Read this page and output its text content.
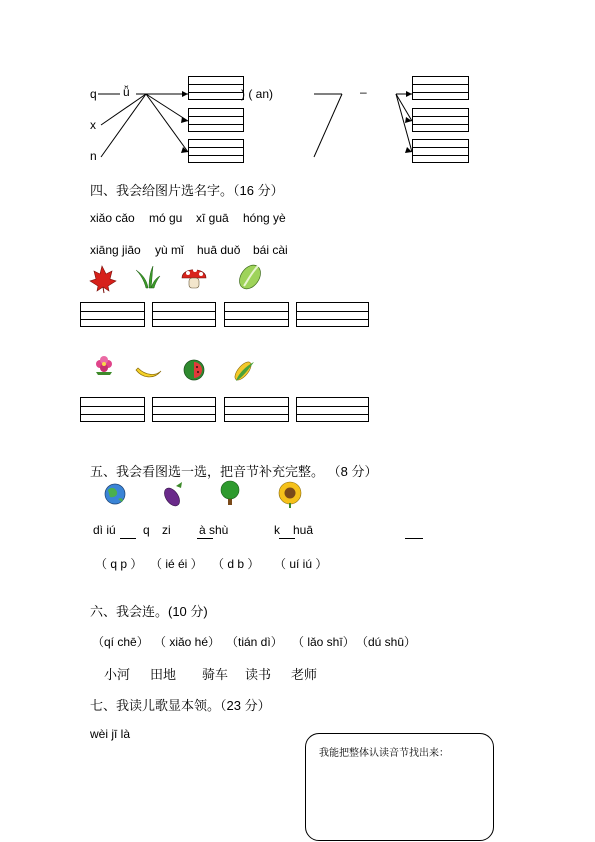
q
x
n
ǚ	) ( an)	–
四、我会给图片选名字。（16 分）
xiǎo cǎo mó gu xī guā hóng yè
xiāng jiāo yù mǐ huā duǒ bái cài
五、我会看图选一选，把音节补充完整。 （8 分）
dì iú q zi à shù	k huā
（ q p ） （ ié éi ） （ d b ） （ uí iú ）
六、我会连。(10 分)
（qí chē） （ xiǎo hé） （tián dì） （ lǎo shī） （dú shū）
小河 田地 骑车 读书 老师
七、我读儿歌显本领。（23 分）
wèi jī là
我能把整体认读音节找出来：
